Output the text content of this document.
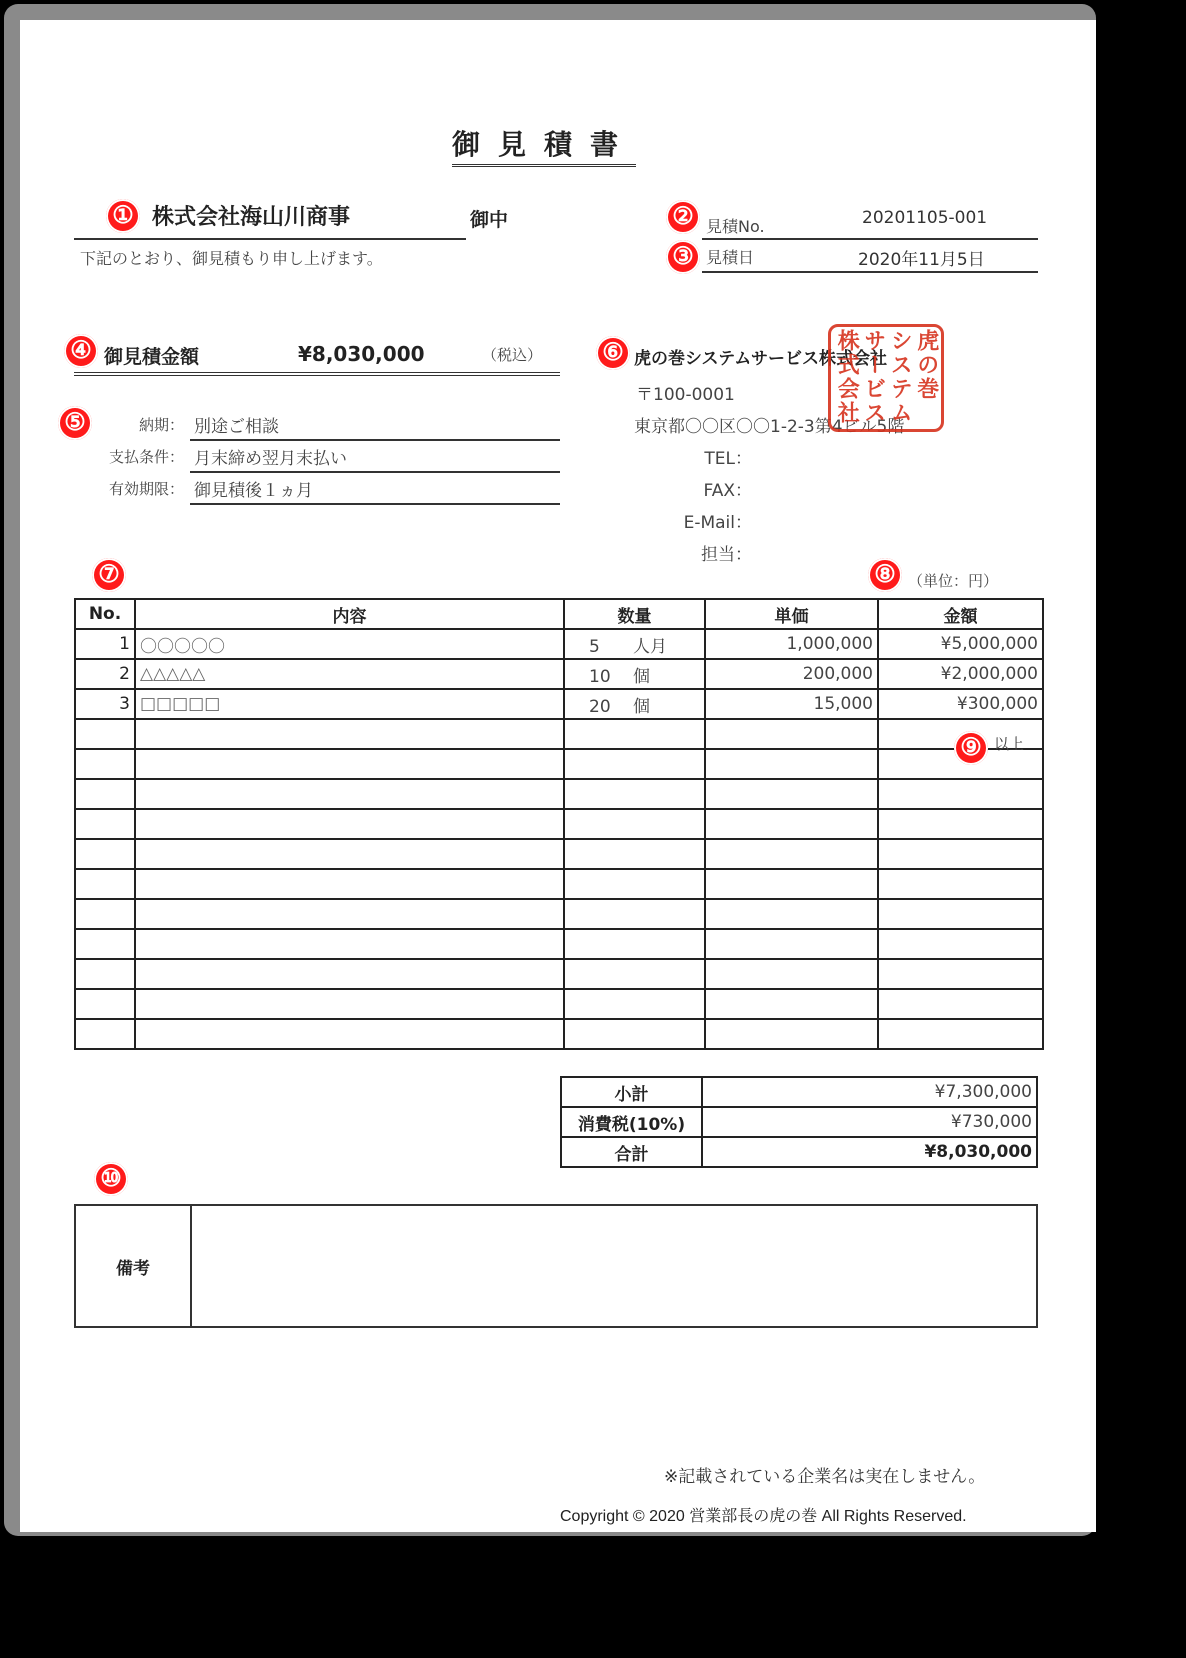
御見積書
① 株式会社海山川商事	御中
下記のとおり、御見積もり申し上げます。
② 見積No.	20201105-001
③ 見積日	2020年11月5日
④ 御見積金額	¥8,030,000	（税込）
⑤	納期： 別途ご相談
支払条件： 月末締め翌月末払い
有効期限： 御見積後１ヵ月
⑥ 虎の巻システムサービス株式会社
〒100-0001
東京都〇〇区〇〇1-2-3第4ビル5階
TEL：
FAX：
E-Mail：
担当：
虎の巻
システム
サービス
株式会社
⑦	⑧ （単位：円）
No.	内容	数量	単価	金額
1	〇〇〇〇〇	5 人月	1,000,000	¥5,000,000
2	△△△△△	10 個	200,000	¥2,000,000
3	□□□□□	20 個	15,000	¥300,000

⑨ 以上
小計	¥7,300,000
消費税(10%)	¥730,000
合計	¥8,030,000
⑩
備考
※記載されている企業名は実在しません。
Copyright © 2020 営業部長の虎の巻 All Rights Reserved.
